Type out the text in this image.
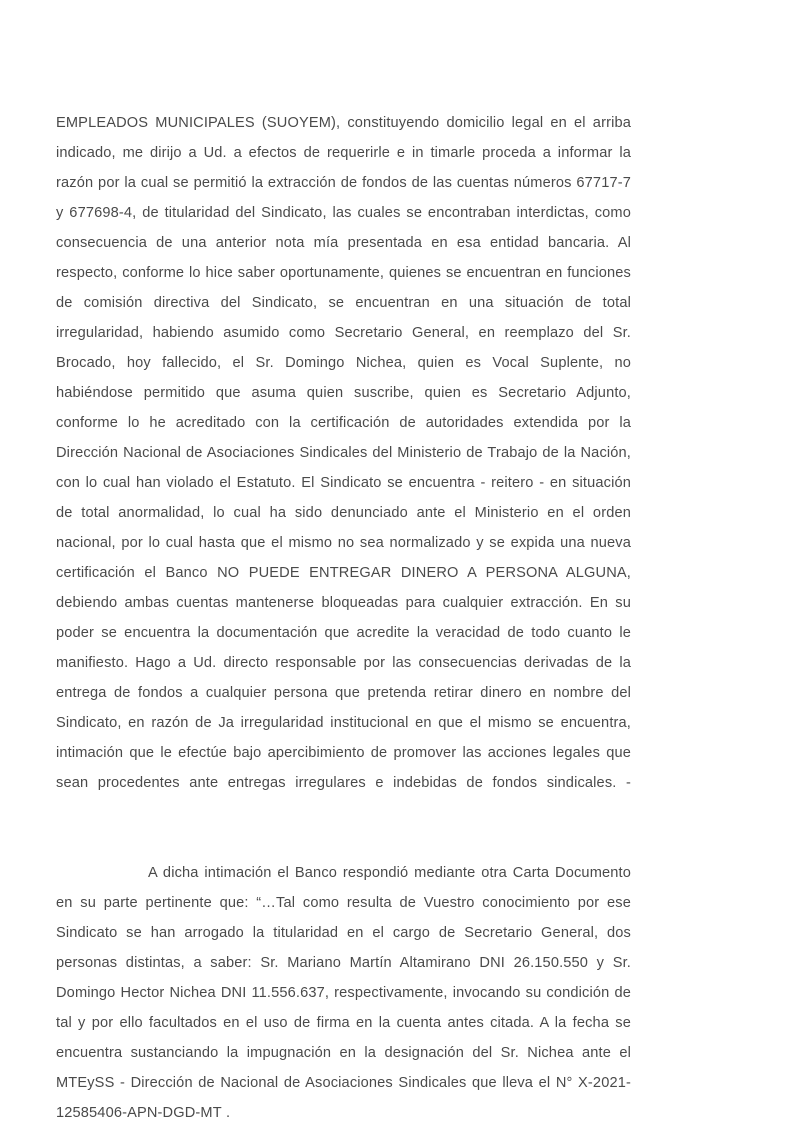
EMPLEADOS MUNICIPALES (SUOYEM), constituyendo domicilio legal en el arriba indicado, me dirijo a Ud. a efectos de requerirle e in timarle proceda a informar la razón por la cual se permitió la extracción de fondos de las cuentas números 67717-7 y 677698-4, de titularidad del Sindicato, las cuales se encontraban interdictas, como consecuencia de una anterior nota mía presentada en esa entidad bancaria. Al respecto, conforme lo hice saber oportunamente, quienes se encuentran en funciones de comisión directiva del Sindicato, se encuentran en una situación de total irregularidad, habiendo asumido como Secretario General, en reemplazo del Sr. Brocado, hoy fallecido, el Sr. Domingo Nichea, quien es Vocal Suplente, no habiéndose permitido que asuma quien suscribe, quien es Secretario Adjunto, conforme lo he acreditado con la certificación de autoridades extendida por la Dirección Nacional de Asociaciones Sindicales del Ministerio de Trabajo de la Nación, con lo cual han violado el Estatuto. El Sindicato se encuentra - reitero - en situación de total anormalidad, lo cual ha sido denunciado ante el Ministerio en el orden nacional, por lo cual hasta que el mismo no sea normalizado y se expida una nueva certificación el Banco NO PUEDE ENTREGAR DINERO A PERSONA ALGUNA, debiendo ambas cuentas mantenerse bloqueadas para cualquier extracción. En su poder se encuentra la documentación que acredite la veracidad de todo cuanto le manifiesto. Hago a Ud. directo responsable por las consecuencias derivadas de la entrega de fondos a cualquier persona que pretenda retirar dinero en nombre del Sindicato, en razón de Ja irregularidad institucional en que el mismo se encuentra, intimación que le efectúe bajo apercibimiento de promover las acciones legales que sean procedentes ante entregas irregulares e indebidas de fondos sindicales. -

A dicha intimación el Banco respondió mediante otra Carta Documento en su parte pertinente que: “…Tal como resulta de Vuestro conocimiento por ese Sindicato se han arrogado la titularidad en el cargo de Secretario General, dos personas distintas, a saber: Sr. Mariano Martín Altamirano DNI 26.150.550 y Sr. Domingo Hector Nichea DNI 11.556.637, respectivamente, invocando su condición de tal y por ello facultados en el uso de firma en la cuenta antes citada. A la fecha se encuentra sustanciando la impugnación en la designación del Sr. Nichea ante el MTEySS - Dirección de Nacional de Asociaciones Sindicales que lleva el N° X-2021-12585406-APN-DGD-MT .
